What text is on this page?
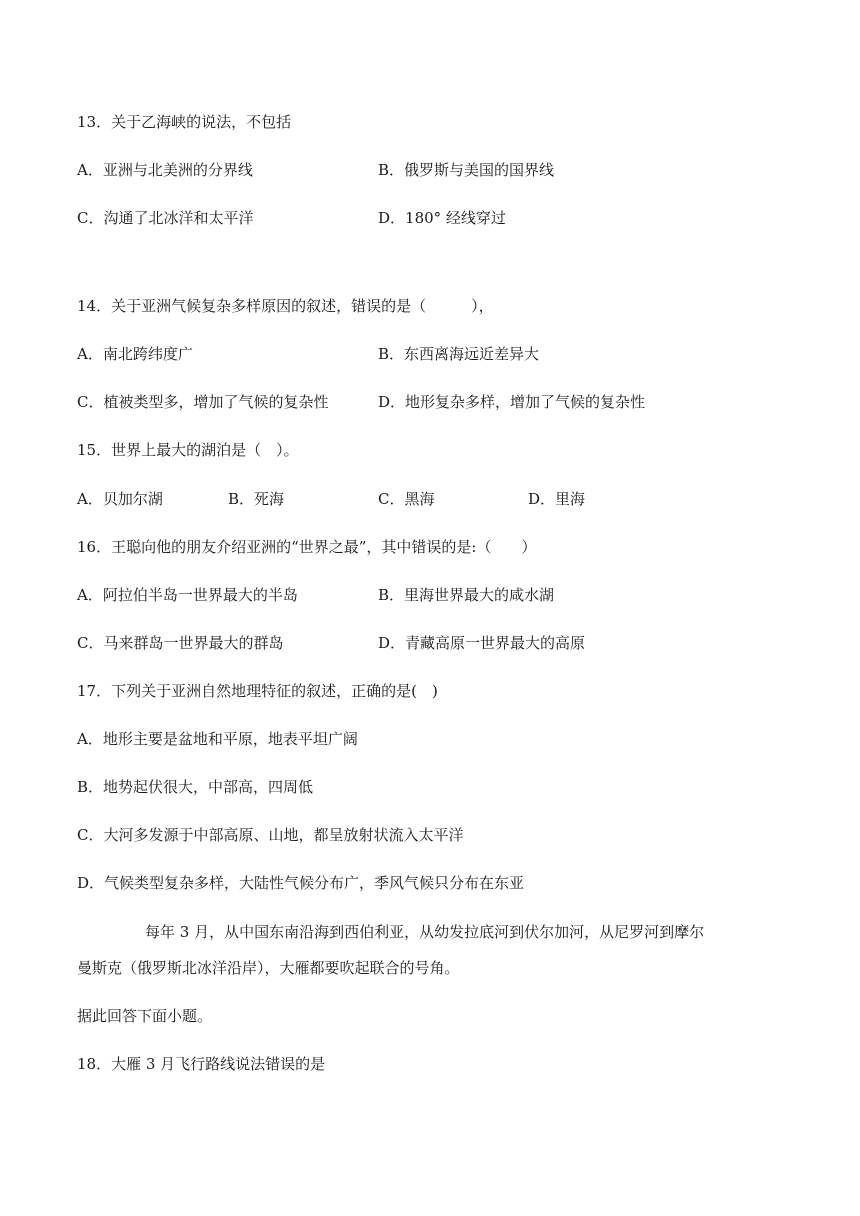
13．关于乙海峡的说法，不包括
A．亚洲与北美洲的分界线	B．俄罗斯与美国的国界线
C．沟通了北冰洋和太平洋	D．180° 经线穿过
14．关于亚洲气候复杂多样原因的叙述，错误的是（　　　），
A．南北跨纬度广	B．东西离海远近差异大
C．植被类型多，增加了气候的复杂性	D．地形复杂多样，增加了气候的复杂性
15．世界上最大的湖泊是（　）。
A．贝加尔湖	B．死海	C．黑海	D．里海
16．王聪向他的朋友介绍亚洲的“世界之最”，其中错误的是:（　　）
A．阿拉伯半岛一世界最大的半岛	B．里海世界最大的咸水湖
C．马来群岛一世界最大的群岛	D．青藏高原一世界最大的高原
17．下列关于亚洲自然地理特征的叙述，正确的是(　)
A．地形主要是盆地和平原，地表平坦广阔
B．地势起伏很大，中部高，四周低
C．大河多发源于中部高原、山地，都呈放射状流入太平洋
D．气候类型复杂多样，大陆性气候分布广，季风气候只分布在东亚
每年 3 月，从中国东南沿海到西伯利亚，从幼发拉底河到伏尔加河，从尼罗河到摩尔
曼斯克（俄罗斯北冰洋沿岸），大雁都要吹起联合的号角。
据此回答下面小题。
18．大雁 3 月飞行路线说法错误的是
